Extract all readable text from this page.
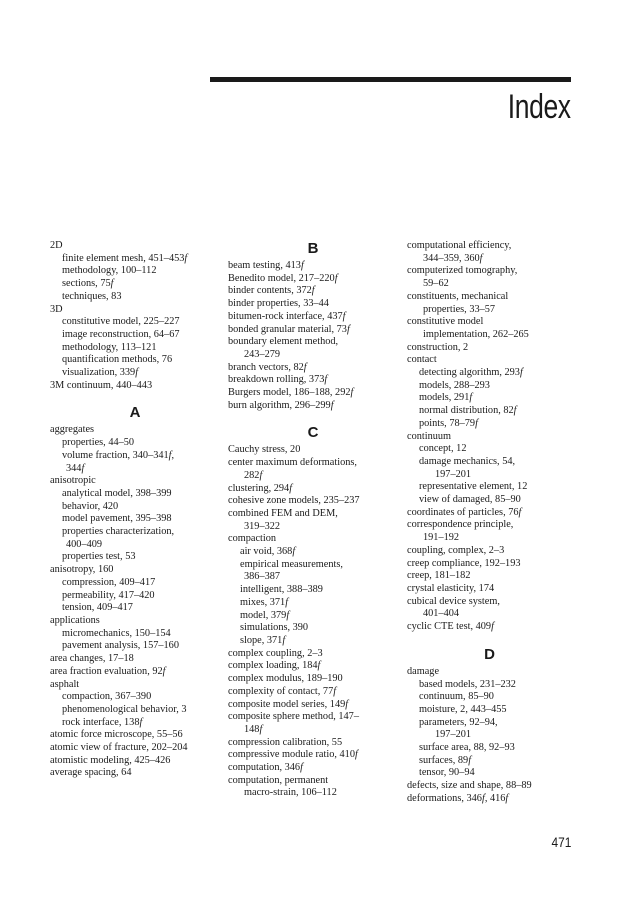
Index
2D
finite element mesh, 451–453f
methodology, 100–112
sections, 75f
techniques, 83
3D
constitutive model, 225–227
image reconstruction, 64–67
methodology, 113–121
quantification methods, 76
visualization, 339f
3M continuum, 440–443
A
aggregates
properties, 44–50
volume fraction, 340–341f,
344f
anisotropic
analytical model, 398–399
behavior, 420
model pavement, 395–398
properties characterization,
400–409
properties test, 53
anisotropy, 160
compression, 409–417
permeability, 417–420
tension, 409–417
applications
micromechanics, 150–154
pavement analysis, 157–160
area changes, 17–18
area fraction evaluation, 92f
asphalt
compaction, 367–390
phenomenological behavior, 3
rock interface, 138f
atomic force microscope, 55–56
atomic view of fracture, 202–204
atomistic modeling, 425–426
average spacing, 64
B
beam testing, 413f
Benedito model, 217–220f
binder contents, 372f
binder properties, 33–44
bitumen-rock interface, 437f
bonded granular material, 73f
boundary element method,
243–279
branch vectors, 82f
breakdown rolling, 373f
Burgers model, 186–188, 292f
burn algorithm, 296–299f
C
Cauchy stress, 20
center maximum deformations,
282f
clustering, 294f
cohesive zone models, 235–237
combined FEM and DEM,
319–322
compaction
air void, 368f
empirical measurements,
386–387
intelligent, 388–389
mixes, 371f
model, 379f
simulations, 390
slope, 371f
complex coupling, 2–3
complex loading, 184f
complex modulus, 189–190
complexity of contact, 77f
composite model series, 149f
composite sphere method, 147–
148f
compression calibration, 55
compressive module ratio, 410f
computation, 346f
computation, permanent
macro-strain, 106–112
computational efficiency,
344–359, 360f
computerized tomography,
59–62
constituents, mechanical
properties, 33–57
constitutive model
implementation, 262–265
construction, 2
contact
detecting algorithm, 293f
models, 288–293
models, 291f
normal distribution, 82f
points, 78–79f
continuum
concept, 12
damage mechanics, 54,
197–201
representative element, 12
view of damaged, 85–90
coordinates of particles, 76f
correspondence principle,
191–192
coupling, complex, 2–3
creep compliance, 192–193
creep, 181–182
crystal elasticity, 174
cubical device system,
401–404
cyclic CTE test, 409f
D
damage
based models, 231–232
continuum, 85–90
moisture, 2, 443–455
parameters, 92–94,
197–201
surface area, 88, 92–93
surfaces, 89f
tensor, 90–94
defects, size and shape, 88–89
deformations, 346f, 416f
471
